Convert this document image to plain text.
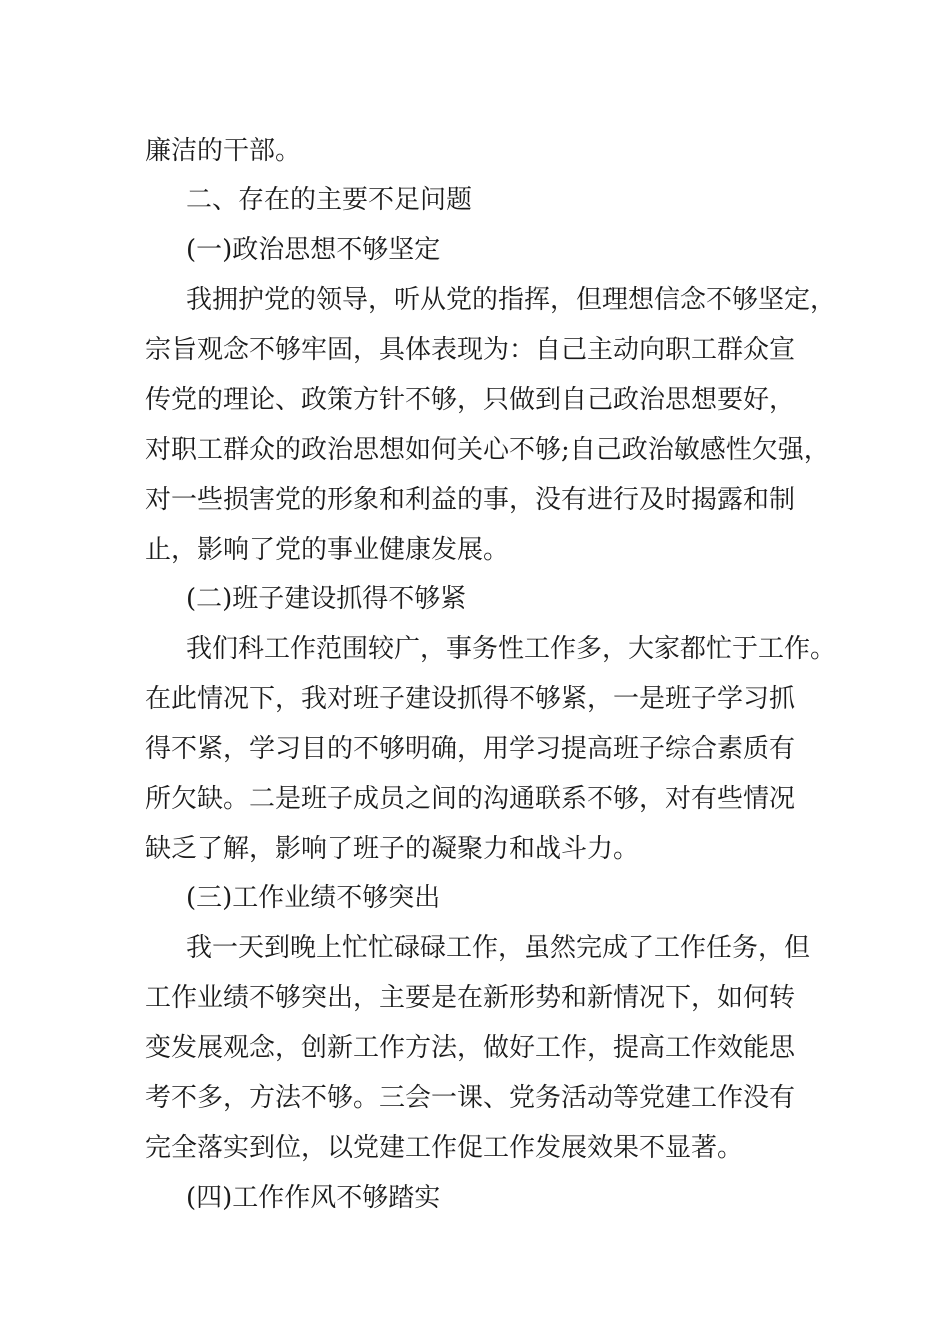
廉洁的干部。

二、存在的主要不足问题

(一)政治思想不够坚定

我拥护党的领导，听从党的指挥，但理想信念不够坚定，

宗旨观念不够牢固，具体表现为：自己主动向职工群众宣

传党的理论、政策方针不够，只做到自己政治思想要好，

对职工群众的政治思想如何关心不够;自己政治敏感性欠强，

对一些损害党的形象和利益的事，没有进行及时揭露和制

止，影响了党的事业健康发展。

(二)班子建设抓得不够紧

我们科工作范围较广，事务性工作多，大家都忙于工作。

在此情况下，我对班子建设抓得不够紧，一是班子学习抓

得不紧，学习目的不够明确，用学习提高班子综合素质有

所欠缺。二是班子成员之间的沟通联系不够，对有些情况

缺乏了解，影响了班子的凝聚力和战斗力。

(三)工作业绩不够突出

我一天到晚上忙忙碌碌工作，虽然完成了工作任务，但

工作业绩不够突出，主要是在新形势和新情况下，如何转

变发展观念，创新工作方法，做好工作，提高工作效能思

考不多，方法不够。三会一课、党务活动等党建工作没有

完全落实到位，以党建工作促工作发展效果不显著。

(四)工作作风不够踏实
